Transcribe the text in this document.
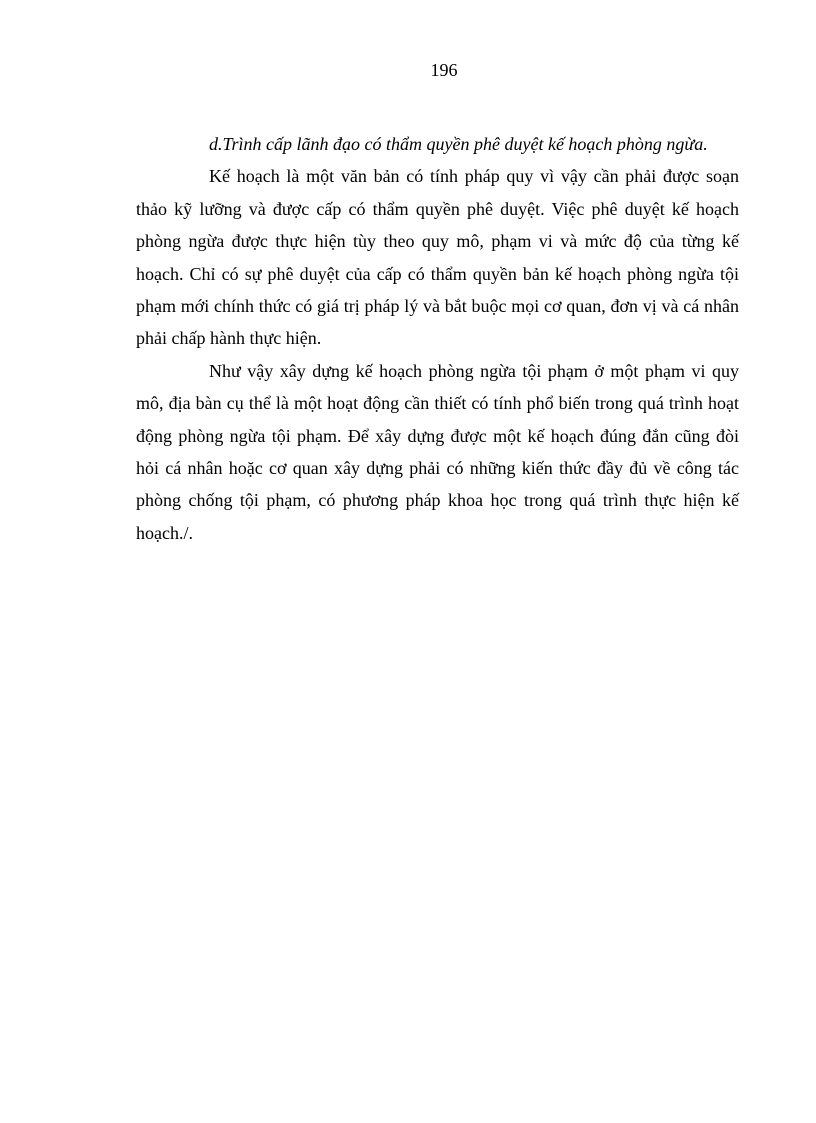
196

d.Trình cấp lãnh đạo có thẩm quyền phê duyệt kế hoạch phòng ngừa.

Kế hoạch là một văn bản có tính pháp quy vì vậy cần phải được soạn thảo kỹ lưỡng và được cấp có thẩm quyền phê duyệt. Việc phê duyệt kế hoạch phòng ngừa được thực hiện tùy theo quy mô, phạm vi và mức độ của từng kế hoạch. Chỉ có sự phê duyệt của cấp có thẩm quyền bản kế hoạch phòng ngừa tội phạm mới chính thức có giá trị pháp lý và bắt buộc mọi cơ quan, đơn vị và cá nhân phải chấp hành thực hiện.

Như vậy xây dựng kế hoạch phòng ngừa tội phạm ở một phạm vi quy mô, địa bàn cụ thể là một hoạt động cần thiết có tính phổ biến trong quá trình hoạt động phòng ngừa tội phạm. Để xây dựng được một kế hoạch đúng đắn cũng đòi hỏi cá nhân hoặc cơ quan xây dựng phải có những kiến thức đầy đủ về công tác phòng chống tội phạm, có phương pháp khoa học trong quá trình thực hiện kế hoạch./.
